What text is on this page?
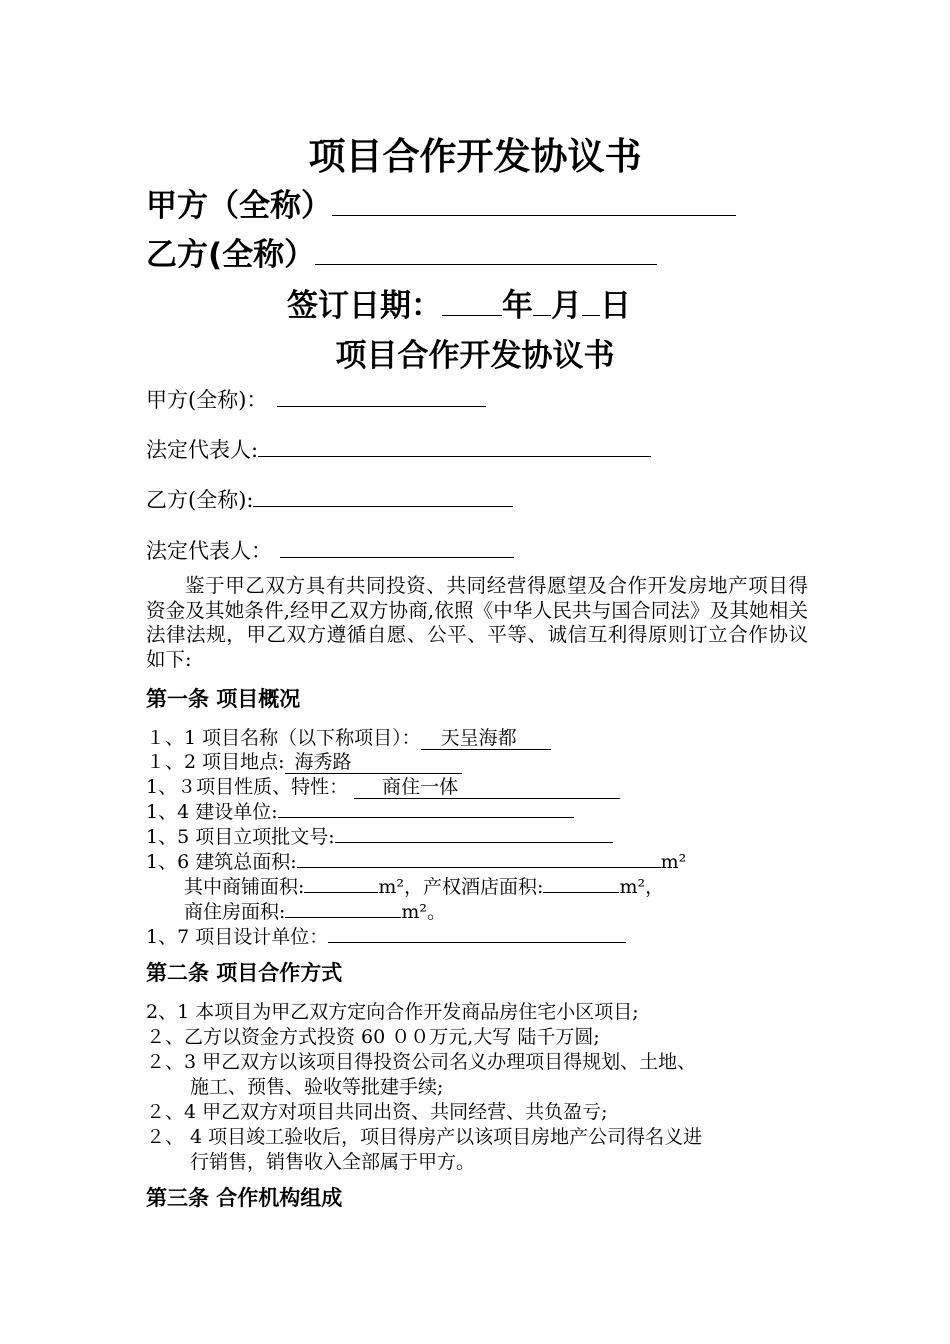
项目合作开发协议书
甲方（全称）
乙方(全称）
签订日期： 年 月 日
项目合作开发协议书
甲方(全称)：
法定代表人:
乙方(全称):
法定代表人：
鉴于甲乙双方具有共同投资、共同经营得愿望及合作开发房地产项目得资金及其她条件,经甲乙双方协商,依照《中华人民共与国合同法》及其她相关法律法规，甲乙双方遵循自愿、公平、平等、诚信互利得原则订立合作协议如下:
第一条 项目概况
１、1 项目名称（以下称项目）： 天呈海都
１、2 项目地点: 海秀路
1、３项目性质、特性： 商住一体
1、4 建设单位:
1、5 项目立项批文号:
1、6 建筑总面积:	m²
其中商铺面积:	m²，产权酒店面积:	m²，
商住房面积:	m²。
1、7 项目设计单位：
第二条 项目合作方式
2、1 本项目为甲乙双方定向合作开发商品房住宅小区项目;
２、乙方以资金方式投资 60 ００万元,大写 陆千万圆;
２、3 甲乙双方以该项目得投资公司名义办理项目得规划、土地、
施工、预售、验收等批建手续;
２、4 甲乙双方对项目共同出资、共同经营、共负盈亏;
２、 4 项目竣工验收后，项目得房产以该项目房地产公司得名义进
行销售，销售收入全部属于甲方。
第三条 合作机构组成
